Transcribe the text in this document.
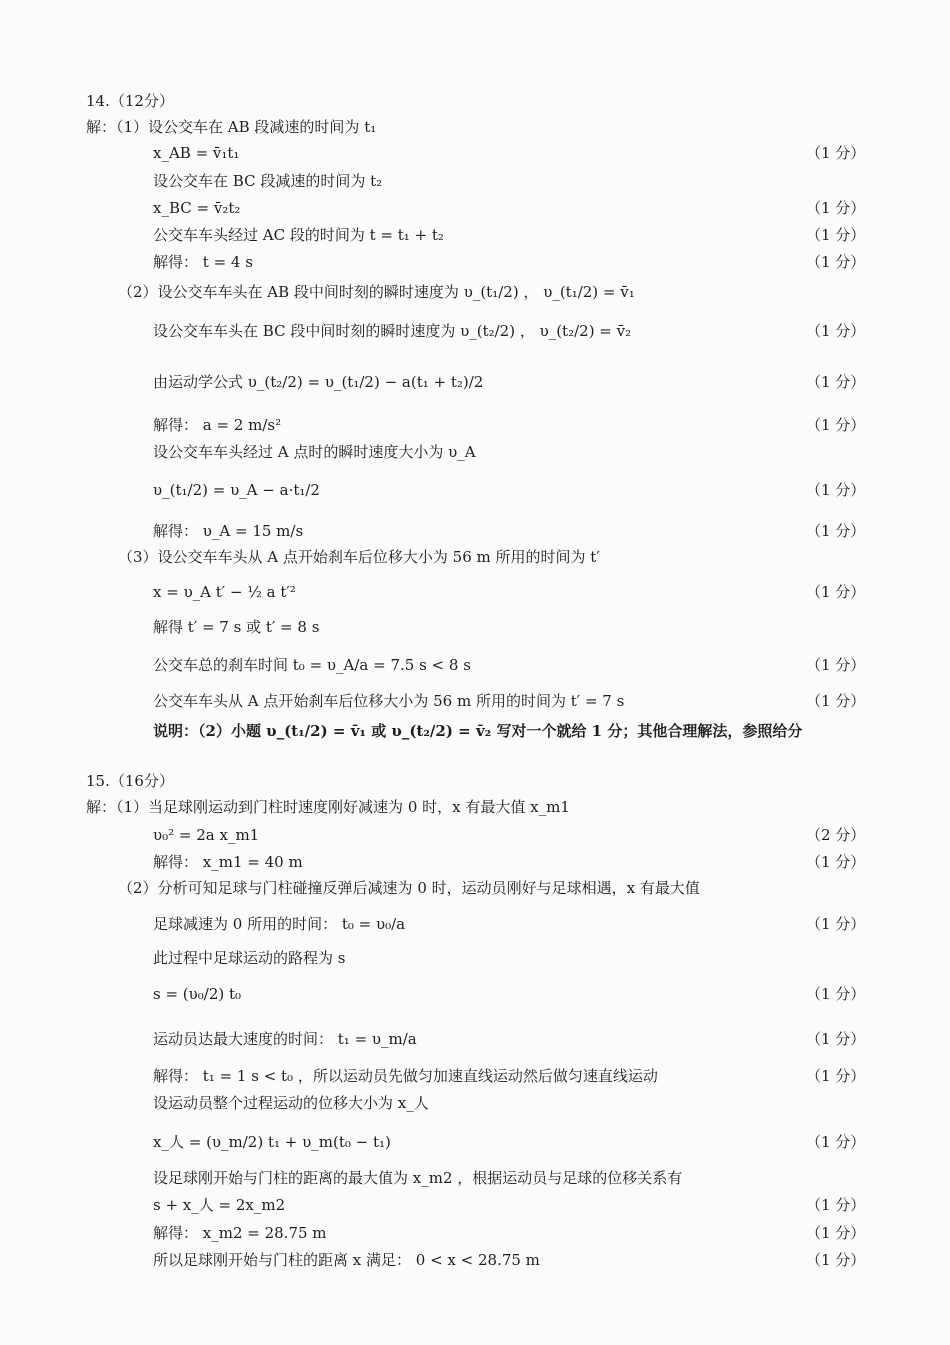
14.（12分）
解：（1）设公交车在 AB 段减速的时间为 t₁
x_AB = v̄₁t₁	（1 分）
设公交车在 BC 段减速的时间为 t₂
x_BC = v̄₂t₂	（1 分）
公交车车头经过 AC 段的时间为 t = t₁ + t₂	（1 分）
解得： t = 4 s	（1 分）
（2）设公交车车头在 AB 段中间时刻的瞬时速度为 υ_(t₁/2) ， υ_(t₁/2) = v̄₁
设公交车车头在 BC 段中间时刻的瞬时速度为 υ_(t₂/2) ， υ_(t₂/2) = v̄₂	（1 分）
由运动学公式 υ_(t₂/2) = υ_(t₁/2) − a(t₁ + t₂)/2	（1 分）
解得： a = 2 m/s²	（1 分）
设公交车车头经过 A 点时的瞬时速度大小为 υ_A
υ_(t₁/2) = υ_A − a·t₁/2	（1 分）
解得： υ_A = 15 m/s	（1 分）
（3）设公交车车头从 A 点开始刹车后位移大小为 56 m 所用的时间为 t′
x = υ_A t′ − ½ a t′²	（1 分）
解得 t′ = 7 s 或 t′ = 8 s
公交车总的刹车时间 t₀ = υ_A/a = 7.5 s < 8 s	（1 分）
公交车车头从 A 点开始刹车后位移大小为 56 m 所用的时间为 t′ = 7 s	（1 分）
说明：（2）小题 υ_(t₁/2) = v̄₁ 或 υ_(t₂/2) = v̄₂ 写对一个就给 1 分；其他合理解法，参照给分
15.（16分）
解：（1）当足球刚运动到门柱时速度刚好减速为 0 时，x 有最大值 x_m1
υ₀² = 2a x_m1	（2 分）
解得： x_m1 = 40 m	（1 分）
（2）分析可知足球与门柱碰撞反弹后减速为 0 时，运动员刚好与足球相遇，x 有最大值
足球减速为 0 所用的时间： t₀ = υ₀/a	（1 分）
此过程中足球运动的路程为 s
s = (υ₀/2) t₀	（1 分）
运动员达最大速度的时间： t₁ = υ_m/a	（1 分）
解得： t₁ = 1 s < t₀ ，所以运动员先做匀加速直线运动然后做匀速直线运动	（1 分）
设运动员整个过程运动的位移大小为 x_人
x_人 = (υ_m/2) t₁ + υ_m(t₀ − t₁)	（1 分）
设足球刚开始与门柱的距离的最大值为 x_m2 ，根据运动员与足球的位移关系有
s + x_人 = 2x_m2	（1 分）
解得： x_m2 = 28.75 m	（1 分）
所以足球刚开始与门柱的距离 x 满足： 0 < x < 28.75 m	（1 分）
